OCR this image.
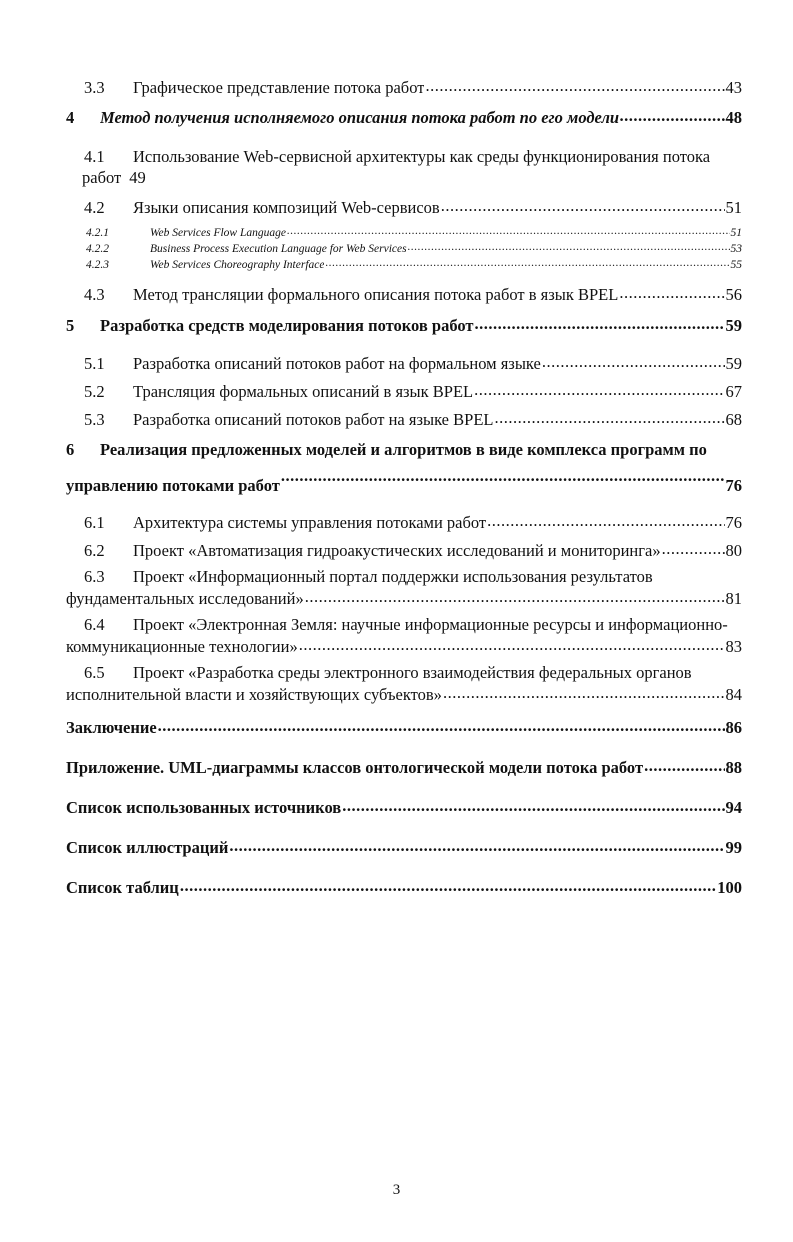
3.3	Графическое представление потока работ .....	43
4	Метод получения исполняемого описания потока работ по его модели .....	48
4.1	Использование Web-сервисной архитектуры как среды функционирования потока
работ 49
4.2	Языки описания композиций Web-сервисов .....	51
4.2.1	Web Services Flow Language .....	51
4.2.2	Business Process Execution Language for Web Services .....	53
4.2.3	Web Services Choreography Interface .....	55
4.3	Метод трансляции формального описания потока работ в язык BPEL .....	56
5	Разработка средств моделирования потоков работ .....	59
5.1	Разработка описаний потоков работ на формальном языке .....	59
5.2	Трансляция формальных описаний в язык BPEL .....	67
5.3	Разработка описаний потоков работ на языке BPEL .....	68
6	Реализация предложенных моделей и алгоритмов в виде комплекса программ по
управлению потоками работ .....	76
6.1	Архитектура системы управления потоками работ .....	76
6.2	Проект «Автоматизация гидроакустических исследований и мониторинга» .....	80
6.3	Проект «Информационный портал поддержки использования результатов
фундаментальных исследований» .....	81
6.4	Проект «Электронная Земля: научные информационные ресурсы и информационно-
коммуникационные технологии» .....	83
6.5	Проект «Разработка среды электронного взаимодействия федеральных органов
исполнительной власти и хозяйствующих субъектов» .....	84
Заключение .....	86
Приложение. UML-диаграммы классов онтологической модели потока работ .....	88
Список использованных источников .....	94
Список иллюстраций .....	99
Список таблиц .....	100
3
